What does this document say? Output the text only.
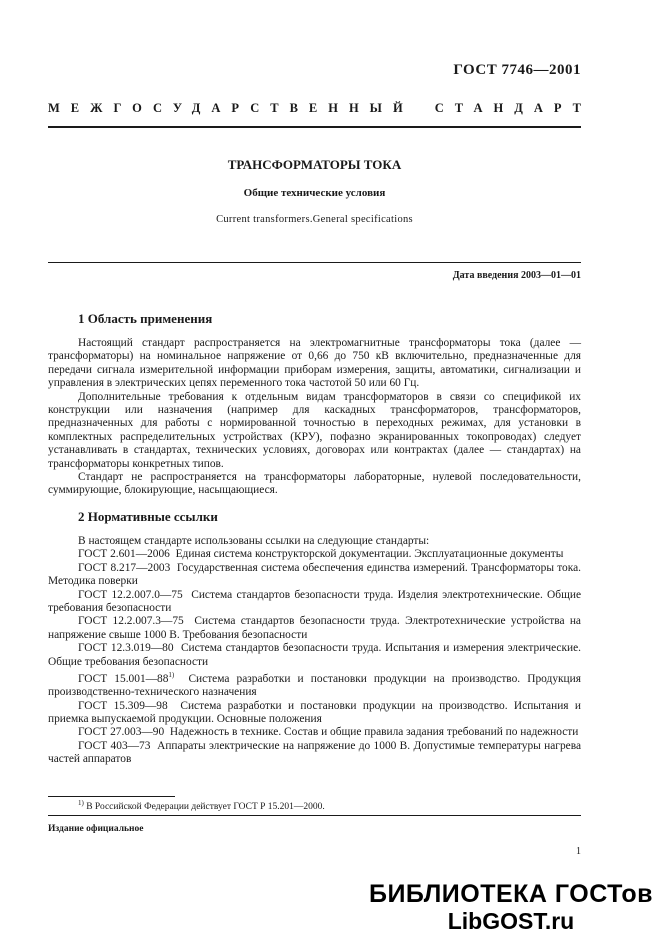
ГОСТ 7746—2001
МЕЖГОСУДАРСТВЕННЫЙ СТАНДАРТ
ТРАНСФОРМАТОРЫ ТОКА
Общие технические условия
Current transformers.General specifications
Дата введения 2003—01—01
1 Область применения

Настоящий стандарт распространяется на электромагнитные трансформаторы тока (далее — трансформаторы) на номинальное напряжение от 0,66 до 750 кВ включительно, предназначенные для передачи сигнала измерительной информации приборам измерения, защиты, автоматики, сигнализации и управления в электрических цепях переменного тока частотой 50 или 60 Гц.

Дополнительные требования к отдельным видам трансформаторов в связи со спецификой их конструкции или назначения (например для каскадных трансформаторов, трансформаторов, предназначенных для работы с нормированной точностью в переходных режимах, для установки в комплектных распределительных устройствах (КРУ), пофазно экранированных токопроводах) следует устанавливать в стандартах, технических условиях, договорах или контрактах (далее — стандартах) на трансформаторы конкретных типов.

Стандарт не распространяется на трансформаторы лабораторные, нулевой последовательности, суммирующие, блокирующие, насыщающиеся.

2 Нормативные ссылки

В настоящем стандарте использованы ссылки на следующие стандарты:

ГОСТ 2.601—2006 Единая система конструкторской документации. Эксплуатационные документы

ГОСТ 8.217—2003 Государственная система обеспечения единства измерений. Трансформаторы тока. Методика поверки

ГОСТ 12.2.007.0—75 Система стандартов безопасности труда. Изделия электротехнические. Общие требования безопасности

ГОСТ 12.2.007.3—75 Система стандартов безопасности труда. Электротехнические устройства на напряжение свыше 1000 В. Требования безопасности

ГОСТ 12.3.019—80 Система стандартов безопасности труда. Испытания и измерения электрические. Общие требования безопасности

ГОСТ 15.001—88$^{1)}$ Система разработки и постановки продукции на производство. Продукция производственно-технического назначения

ГОСТ 15.309—98 Система разработки и постановки продукции на производство. Испытания и приемка выпускаемой продукции. Основные положения

ГОСТ 27.003—90 Надежность в технике. Состав и общие правила задания требований по надежности

ГОСТ 403—73 Аппараты электрические на напряжение до 1000 В. Допустимые температуры нагрева частей аппаратов

$^{1)}$ В Российской Федерации действует ГОСТ Р 15.201—2000.
Издание официальное
1
БИБЛИОТЕКА ГОСТов
LibGOST.ru
